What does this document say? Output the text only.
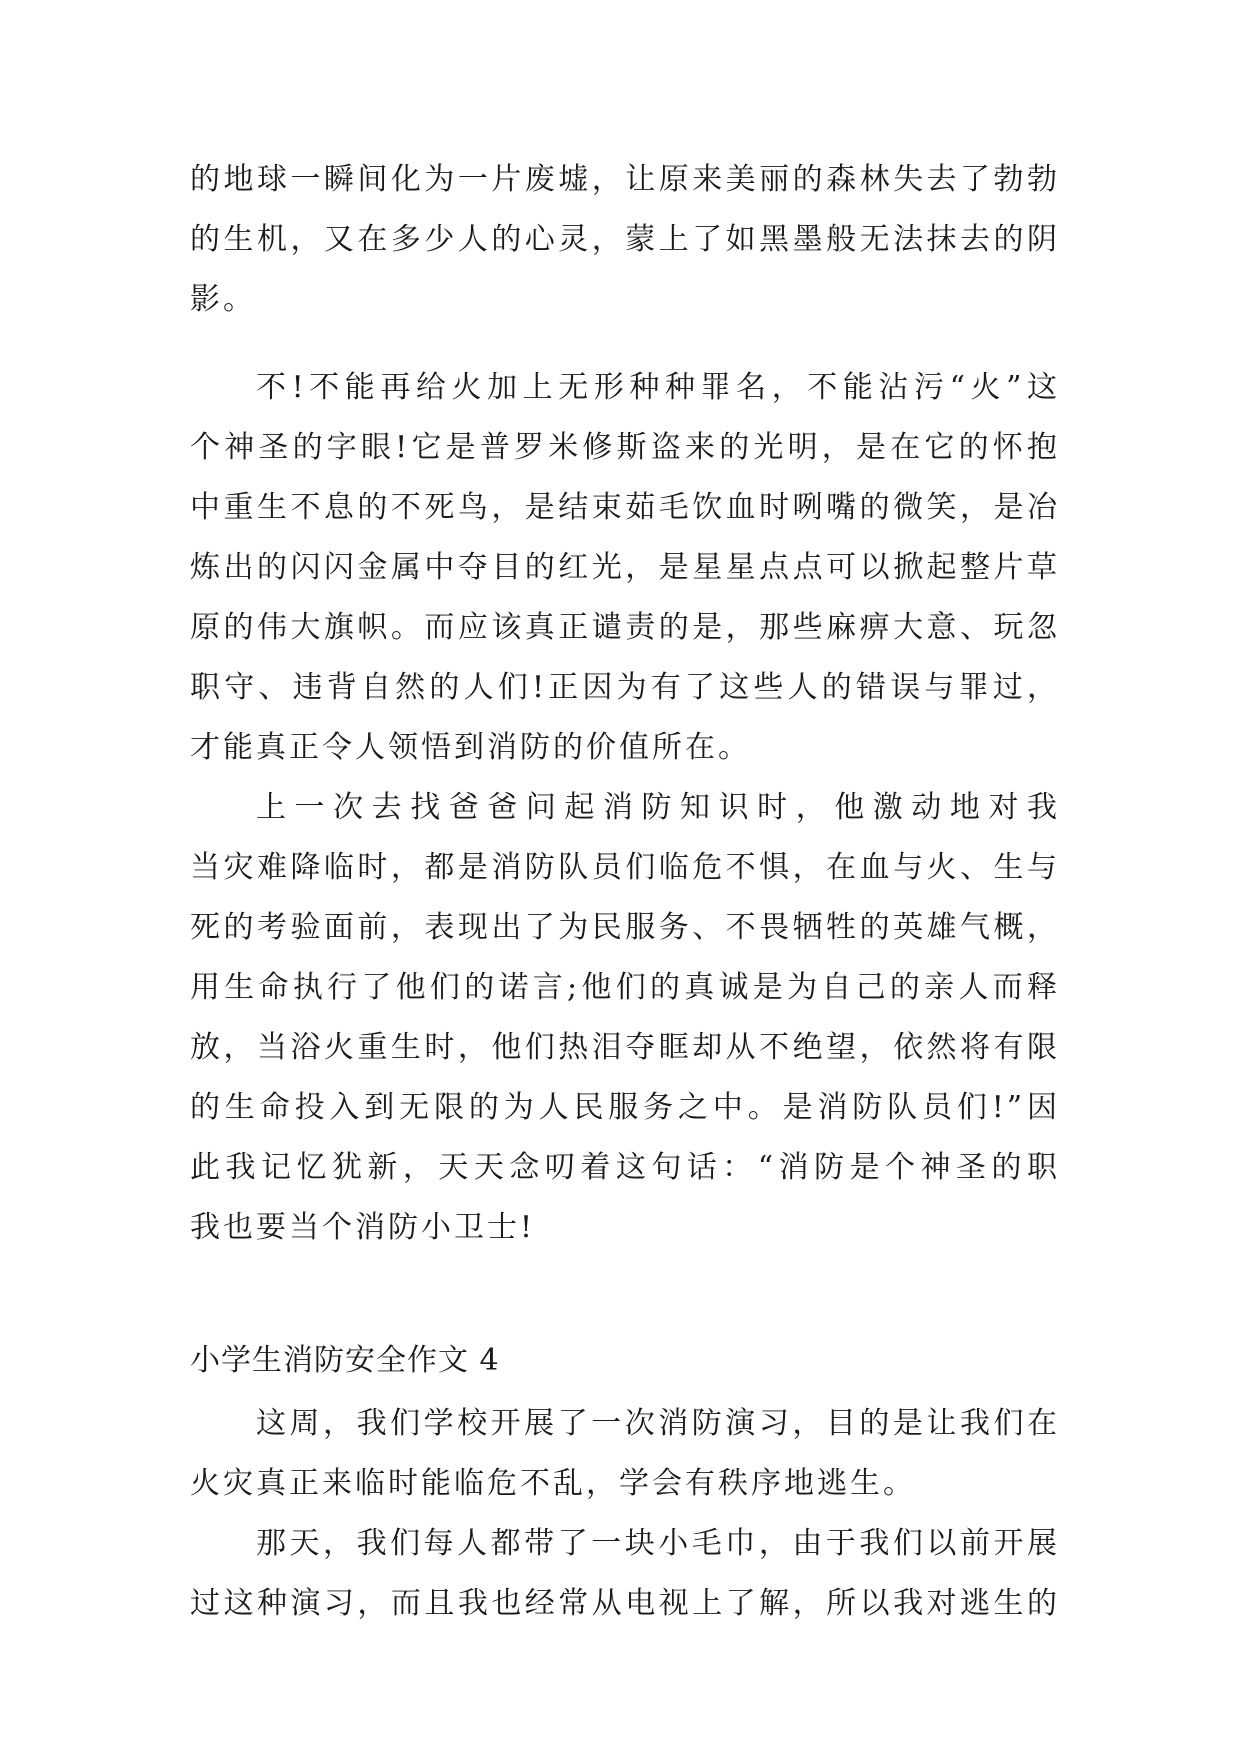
的地球一瞬间化为一片废墟，让原来美丽的森林失去了勃勃
的生机，又在多少人的心灵，蒙上了如黑墨般无法抹去的阴
影。
不!不能再给火加上无形种种罪名，不能沾污“火”这
个神圣的字眼!它是普罗米修斯盗来的光明，是在它的怀抱
中重生不息的不死鸟，是结束茹毛饮血时咧嘴的微笑，是冶
炼出的闪闪金属中夺目的红光，是星星点点可以掀起整片草
原的伟大旗帜。而应该真正谴责的是，那些麻痹大意、玩忽
职守、违背自然的人们!正因为有了这些人的错误与罪过，
才能真正令人领悟到消防的价值所在。
上一次去找爸爸问起消防知识时，他激动地对我
当灾难降临时，都是消防队员们临危不惧，在血与火、生与
死的考验面前，表现出了为民服务、不畏牺牲的英雄气概，
用生命执行了他们的诺言;他们的真诚是为自己的亲人而释
放，当浴火重生时，他们热泪夺眶却从不绝望，依然将有限
的生命投入到无限的为人民服务之中。是消防队员们!”因
此我记忆犹新，天天念叨着这句话：“消防是个神圣的职
我也要当个消防小卫士!
小学生消防安全作文 4
这周，我们学校开展了一次消防演习，目的是让我们在
火灾真正来临时能临危不乱，学会有秩序地逃生。
那天，我们每人都带了一块小毛巾，由于我们以前开展
过这种演习，而且我也经常从电视上了解，所以我对逃生的
